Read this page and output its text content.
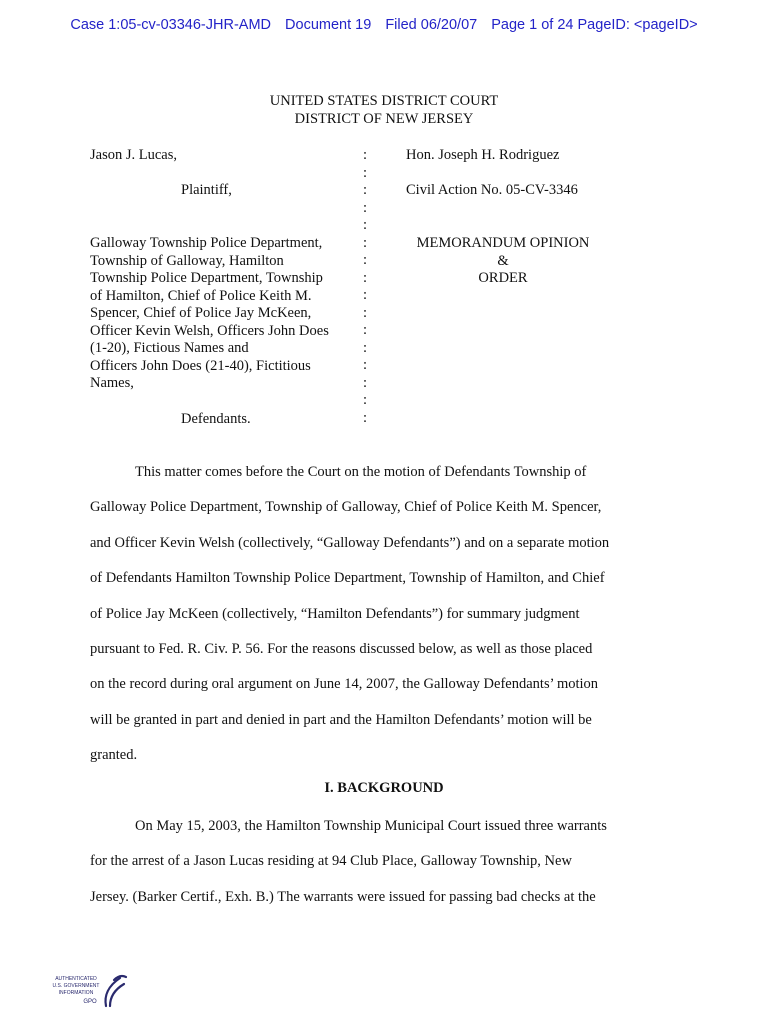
Case 1:05-cv-03346-JHR-AMD Document 19 Filed 06/20/07 Page 1 of 24 PageID: <pageID>
UNITED STATES DISTRICT COURT
DISTRICT OF NEW JERSEY
Jason J. Lucas,
Plaintiff,
Galloway Township Police Department,
Township of Galloway, Hamilton
Township Police Department, Township
of Hamilton, Chief of Police Keith M.
Spencer, Chief of Police Jay McKeen,
Officer Kevin Welsh, Officers John Does
(1-20), Fictious Names and
Officers John Does (21-40), Fictitious
Names,
Defendants.
:
:
:
:
:
:
:
:
:
:
:
:
:
:
:
:
Hon. Joseph H. Rodriguez
Civil Action No. 05-CV-3346
MEMORANDUM OPINION
&
ORDER
This matter comes before the Court on the motion of Defendants Township of
Galloway Police Department, Township of Galloway, Chief of Police Keith M. Spencer,
and Officer Kevin Welsh (collectively, “Galloway Defendants”) and on a separate motion
of Defendants Hamilton Township Police Department, Township of Hamilton, and Chief
of Police Jay McKeen (collectively, “Hamilton Defendants”) for summary judgment
pursuant to Fed. R. Civ. P. 56. For the reasons discussed below, as well as those placed
on the record during oral argument on June 14, 2007, the Galloway Defendants’ motion
will be granted in part and denied in part and the Hamilton Defendants’ motion will be
granted.
I. BACKGROUND
On May 15, 2003, the Hamilton Township Municipal Court issued three warrants
for the arrest of a Jason Lucas residing at 94 Club Place, Galloway Township, New
Jersey. (Barker Certif., Exh. B.) The warrants were issued for passing bad checks at the
AUTHENTICATED
U.S. GOVERNMENT
INFORMATION
GPO
